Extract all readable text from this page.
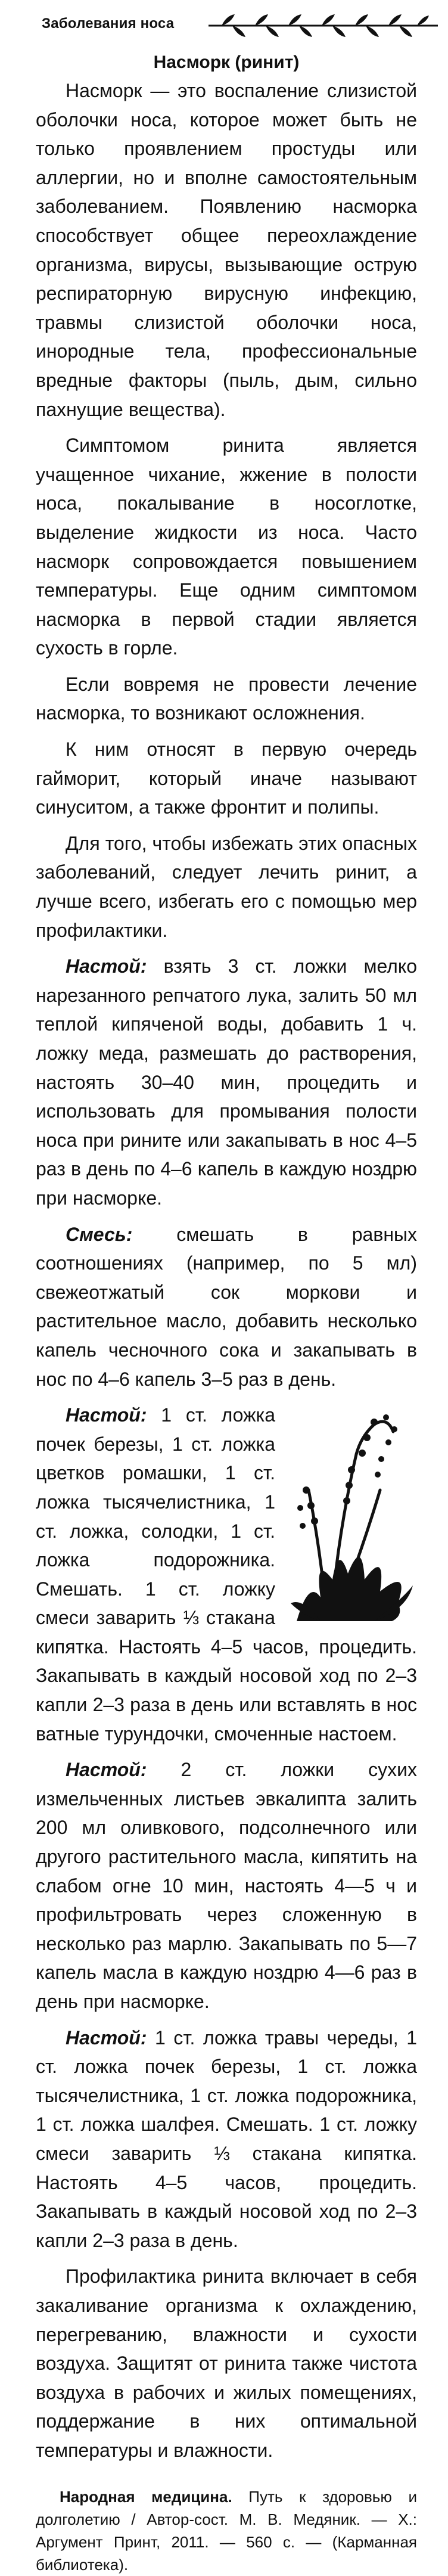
Заболевания носа
Насморк (ринит)

Насморк — это воспаление слизистой оболочки носа, которое может быть не только проявлением простуды или аллергии, но и вполне самостоятельным заболеванием. Появлению насморка способствует общее переохлаждение организма, вирусы, вызывающие острую респираторную вирусную инфекцию, травмы слизистой оболочки носа, инородные тела, профессиональные вредные факторы (пыль, дым, сильно пахнущие вещества).

Симптомом ринита является учащенное чихание, жжение в полости носа, покалывание в носоглотке, выделение жидкости из носа. Часто насморк сопровождается повышением температуры. Еще одним симптомом насморка в первой стадии является сухость в горле.

Если вовремя не провести лечение насморка, то возникают осложнения.

К ним относят в первую очередь гайморит, который иначе называют синуситом, а также фронтит и полипы.

Для того, чтобы избежать этих опасных заболеваний, следует лечить ринит, а лучше всего, избегать его с помощью мер профилактики.

Настой: взять 3 ст. ложки мелко нарезанного репчатого лука, залить 50 мл теплой кипяченой воды, добавить 1 ч. ложку меда, размешать до растворения, настоять 30–40 мин, процедить и использовать для промывания полости носа при рините или закапывать в нос 4–5 раз в день по 4–6 капель в каждую ноздрю при насморке.

Смесь: смешать в равных соотношениях (например, по 5 мл) свежеотжатый сок моркови и растительное масло, добавить несколько капель чесночного сока и закапывать в нос по 4–6 капель 3–5 раз в день.

Настой: 1 ст. ложка почек березы, 1 ст. ложка цветков ромашки, 1 ст. ложка тысячелистника, 1 ст. ложка, солодки, 1 ст. ложка подорожника. Смешать. 1 ст. ложку смеси заварить ⅓ стакана кипятка. Настоять 4–5 часов, процедить. Закапывать в каждый носовой ход по 2–3 капли 2–3 раза в день или вставлять в нос ватные турундочки, смоченные настоем.

Настой: 2 ст. ложки сухих измельченных листьев эвкалипта залить 200 мл оливкового, подсолнечного или другого растительного масла, кипятить на слабом огне 10 мин, настоять 4—5 ч и профильтровать через сложенную в несколько раз марлю. Закапывать по 5—7 капель масла в каждую ноздрю 4—6 раз в день при насморке.

Настой: 1 ст. ложка травы череды, 1 ст. ложка почек березы, 1 ст. ложка тысячелистника, 1 ст. ложка подорожника, 1 ст. ложка шалфея. Смешать. 1 ст. ложку смеси заварить ⅓ стакана кипятка. Настоять 4–5 часов, процедить. Закапывать в каждый носовой ход по 2–3 капли 2–3 раза в день.

Профилактика ринита включает в себя закаливание организма к охлаждению, перегреванию, влажности и сухости воздуха. Защитят от ринита также чистота воздуха в рабочих и жилых помещениях, поддержание в них оптимальной температуры и влажности.

Народная медицина. Путь к здоровью и долголетию / Автор-сост. М. В. Медяник. — Х.: Аргумент Принт, 2011. — 560 с. — (Карманная библиотека).
